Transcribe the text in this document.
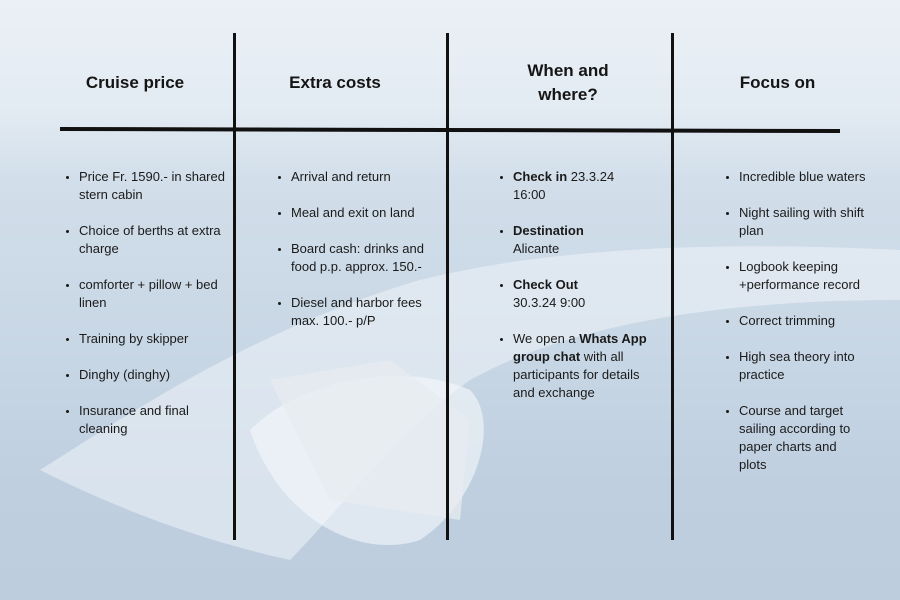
Cruise price
• Price Fr. 1590.- in shared stern cabin
• Choice of berths at extra charge
• comforter + pillow + bed linen
• Training by skipper
• Dinghy (dinghy)
• Insurance and final cleaning
Extra costs
• Arrival and return
• Meal and exit on land
• Board cash: drinks and food p.p. approx. 150.-
• Diesel and harbor fees max. 100.- p/P
When and
where?
• Check in 23.3.24 16:00
• Destination
Alicante
• Check Out
30.3.24 9:00
• We open a Whats App group chat with all participants for details and exchange
Focus on
• Incredible blue waters
• Night sailing with shift plan
• Logbook keeping +performance record
• Correct trimming
• High sea theory into practice
• Course and target sailing according to paper charts and plots
